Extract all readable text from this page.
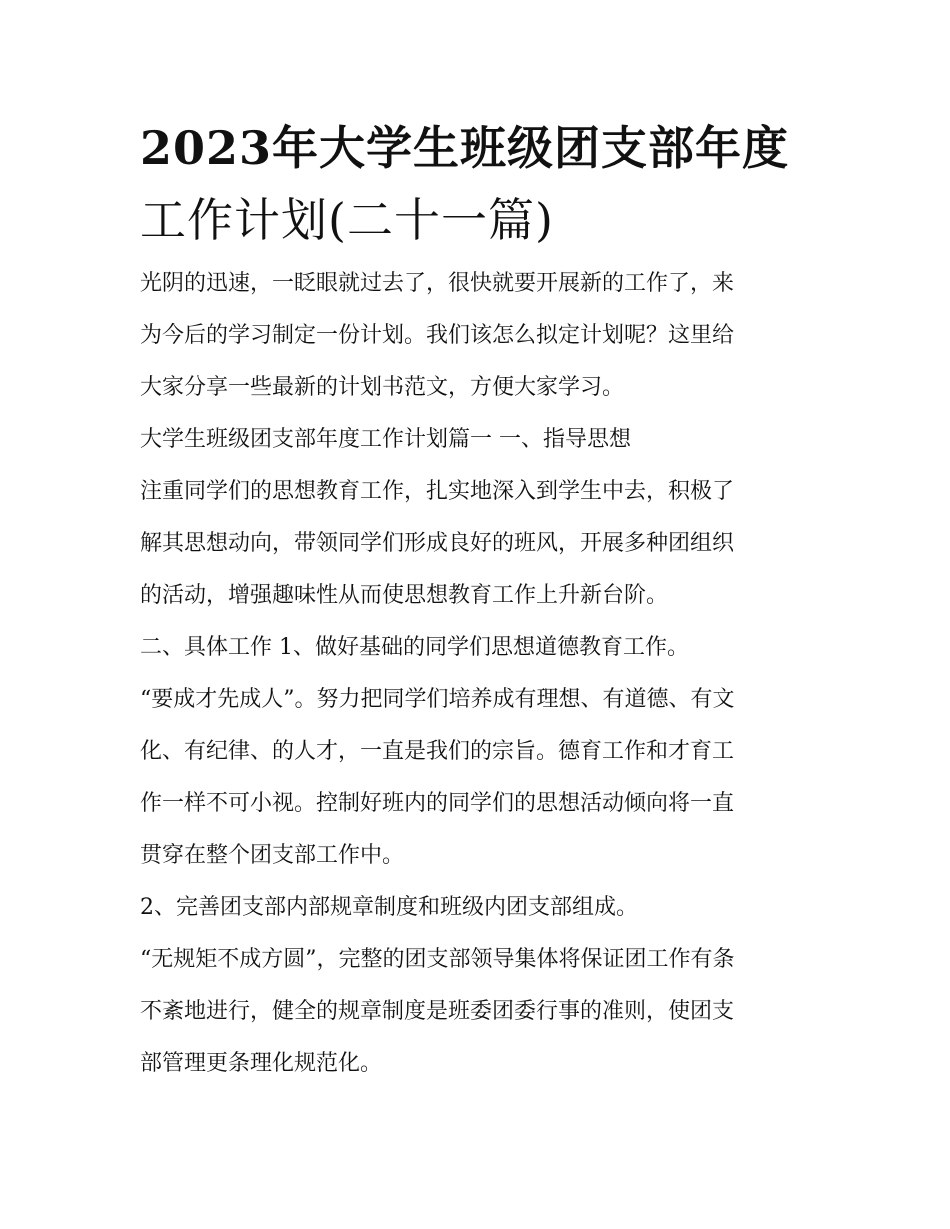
2023年大学生班级团支部年度
工作计划(二十一篇)

光阴的迅速，一眨眼就过去了，很快就要开展新的工作了，来
为今后的学习制定一份计划。我们该怎么拟定计划呢？这里给
大家分享一些最新的计划书范文，方便大家学习。

大学生班级团支部年度工作计划篇一 一、指导思想

注重同学们的思想教育工作，扎实地深入到学生中去，积极了
解其思想动向，带领同学们形成良好的班风，开展多种团组织
的活动，增强趣味性从而使思想教育工作上升新台阶。

二、具体工作 1、做好基础的同学们思想道德教育工作。

“要成才先成人”。努力把同学们培养成有理想、有道德、有文
化、有纪律、的人才，一直是我们的宗旨。德育工作和才育工
作一样不可小视。控制好班内的同学们的思想活动倾向将一直
贯穿在整个团支部工作中。

2、完善团支部内部规章制度和班级内团支部组成。

“无规矩不成方圆”，完整的团支部领导集体将保证团工作有条
不紊地进行，健全的规章制度是班委团委行事的准则，使团支
部管理更条理化规范化。
